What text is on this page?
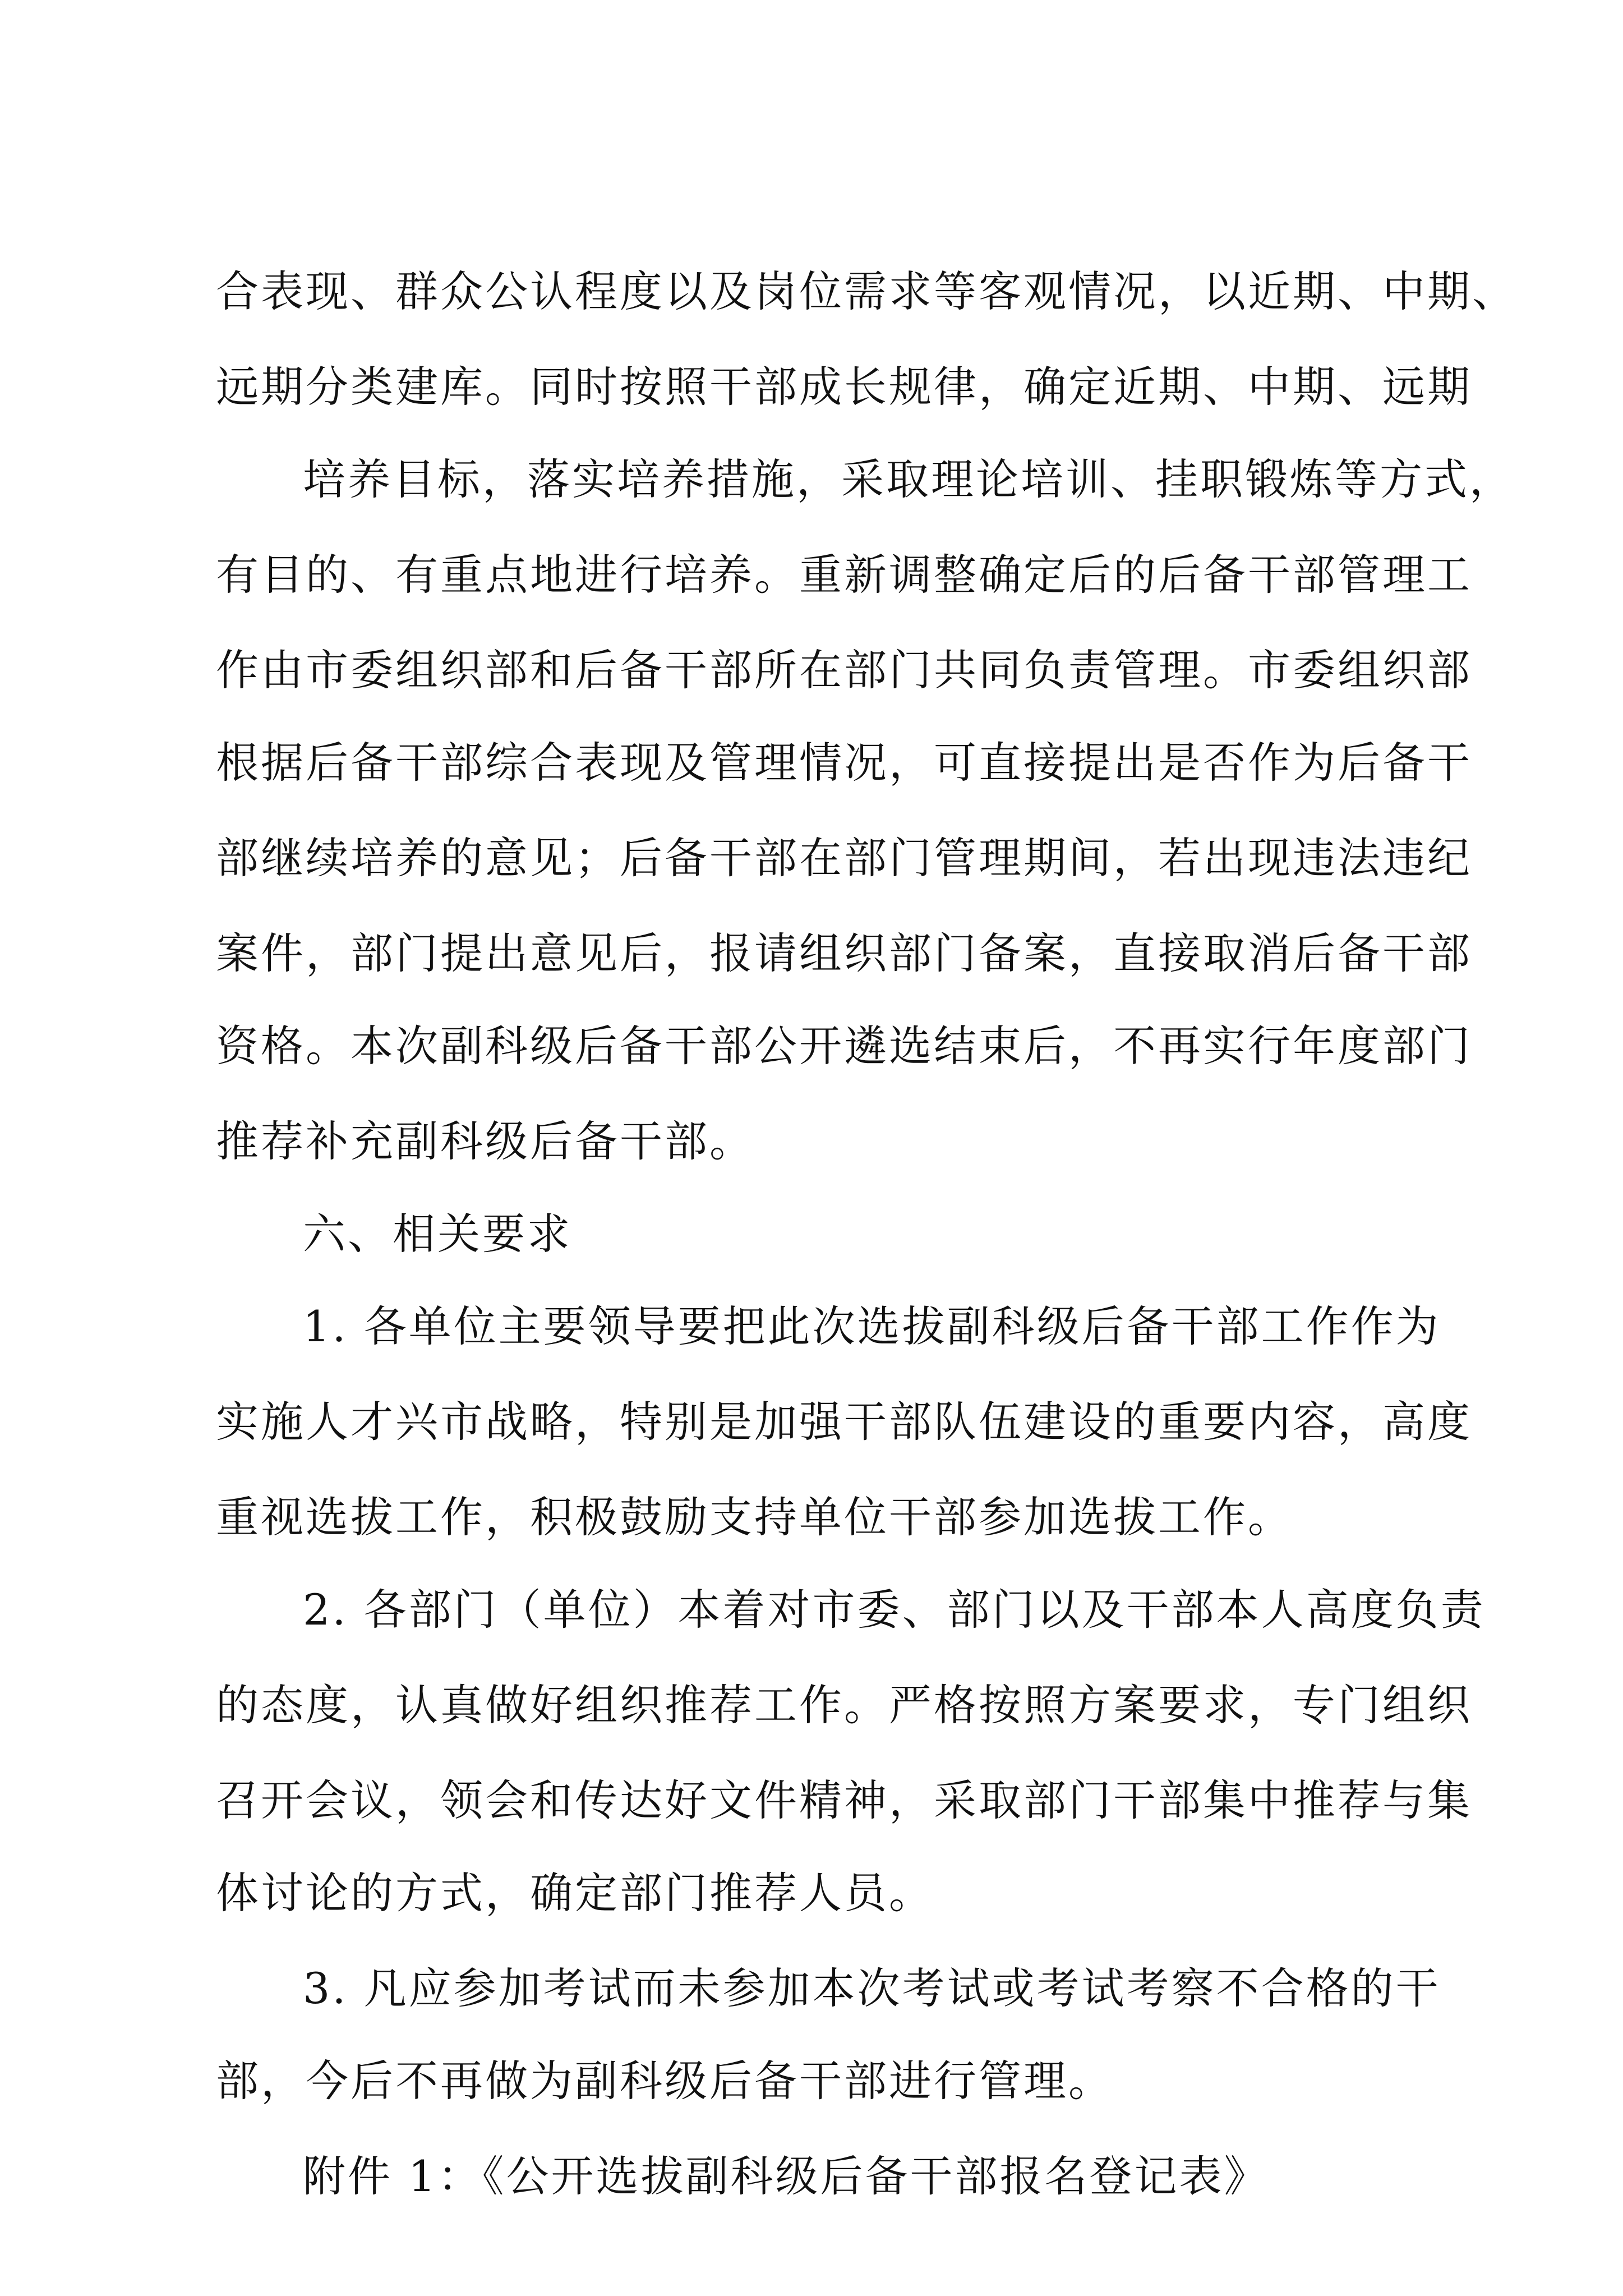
合表现、群众公认程度以及岗位需求等客观情况，以近期、中期、
远期分类建库。同时按照干部成长规律，确定近期、中期、远期
培养目标，落实培养措施，采取理论培训、挂职锻炼等方式，
有目的、有重点地进行培养。重新调整确定后的后备干部管理工
作由市委组织部和后备干部所在部门共同负责管理。市委组织部
根据后备干部综合表现及管理情况，可直接提出是否作为后备干
部继续培养的意见；后备干部在部门管理期间，若出现违法违纪
案件，部门提出意见后，报请组织部门备案，直接取消后备干部
资格。本次副科级后备干部公开遴选结束后，不再实行年度部门
推荐补充副科级后备干部。
六、相关要求
1. 各单位主要领导要把此次选拔副科级后备干部工作作为
实施人才兴市战略，特别是加强干部队伍建设的重要内容，高度
重视选拔工作，积极鼓励支持单位干部参加选拔工作。
2. 各部门（单位）本着对市委、部门以及干部本人高度负责
的态度，认真做好组织推荐工作。严格按照方案要求，专门组织
召开会议，领会和传达好文件精神，采取部门干部集中推荐与集
体讨论的方式，确定部门推荐人员。
3. 凡应参加考试而未参加本次考试或考试考察不合格的干
部，今后不再做为副科级后备干部进行管理。
附件 1：《公开选拔副科级后备干部报名登记表》
